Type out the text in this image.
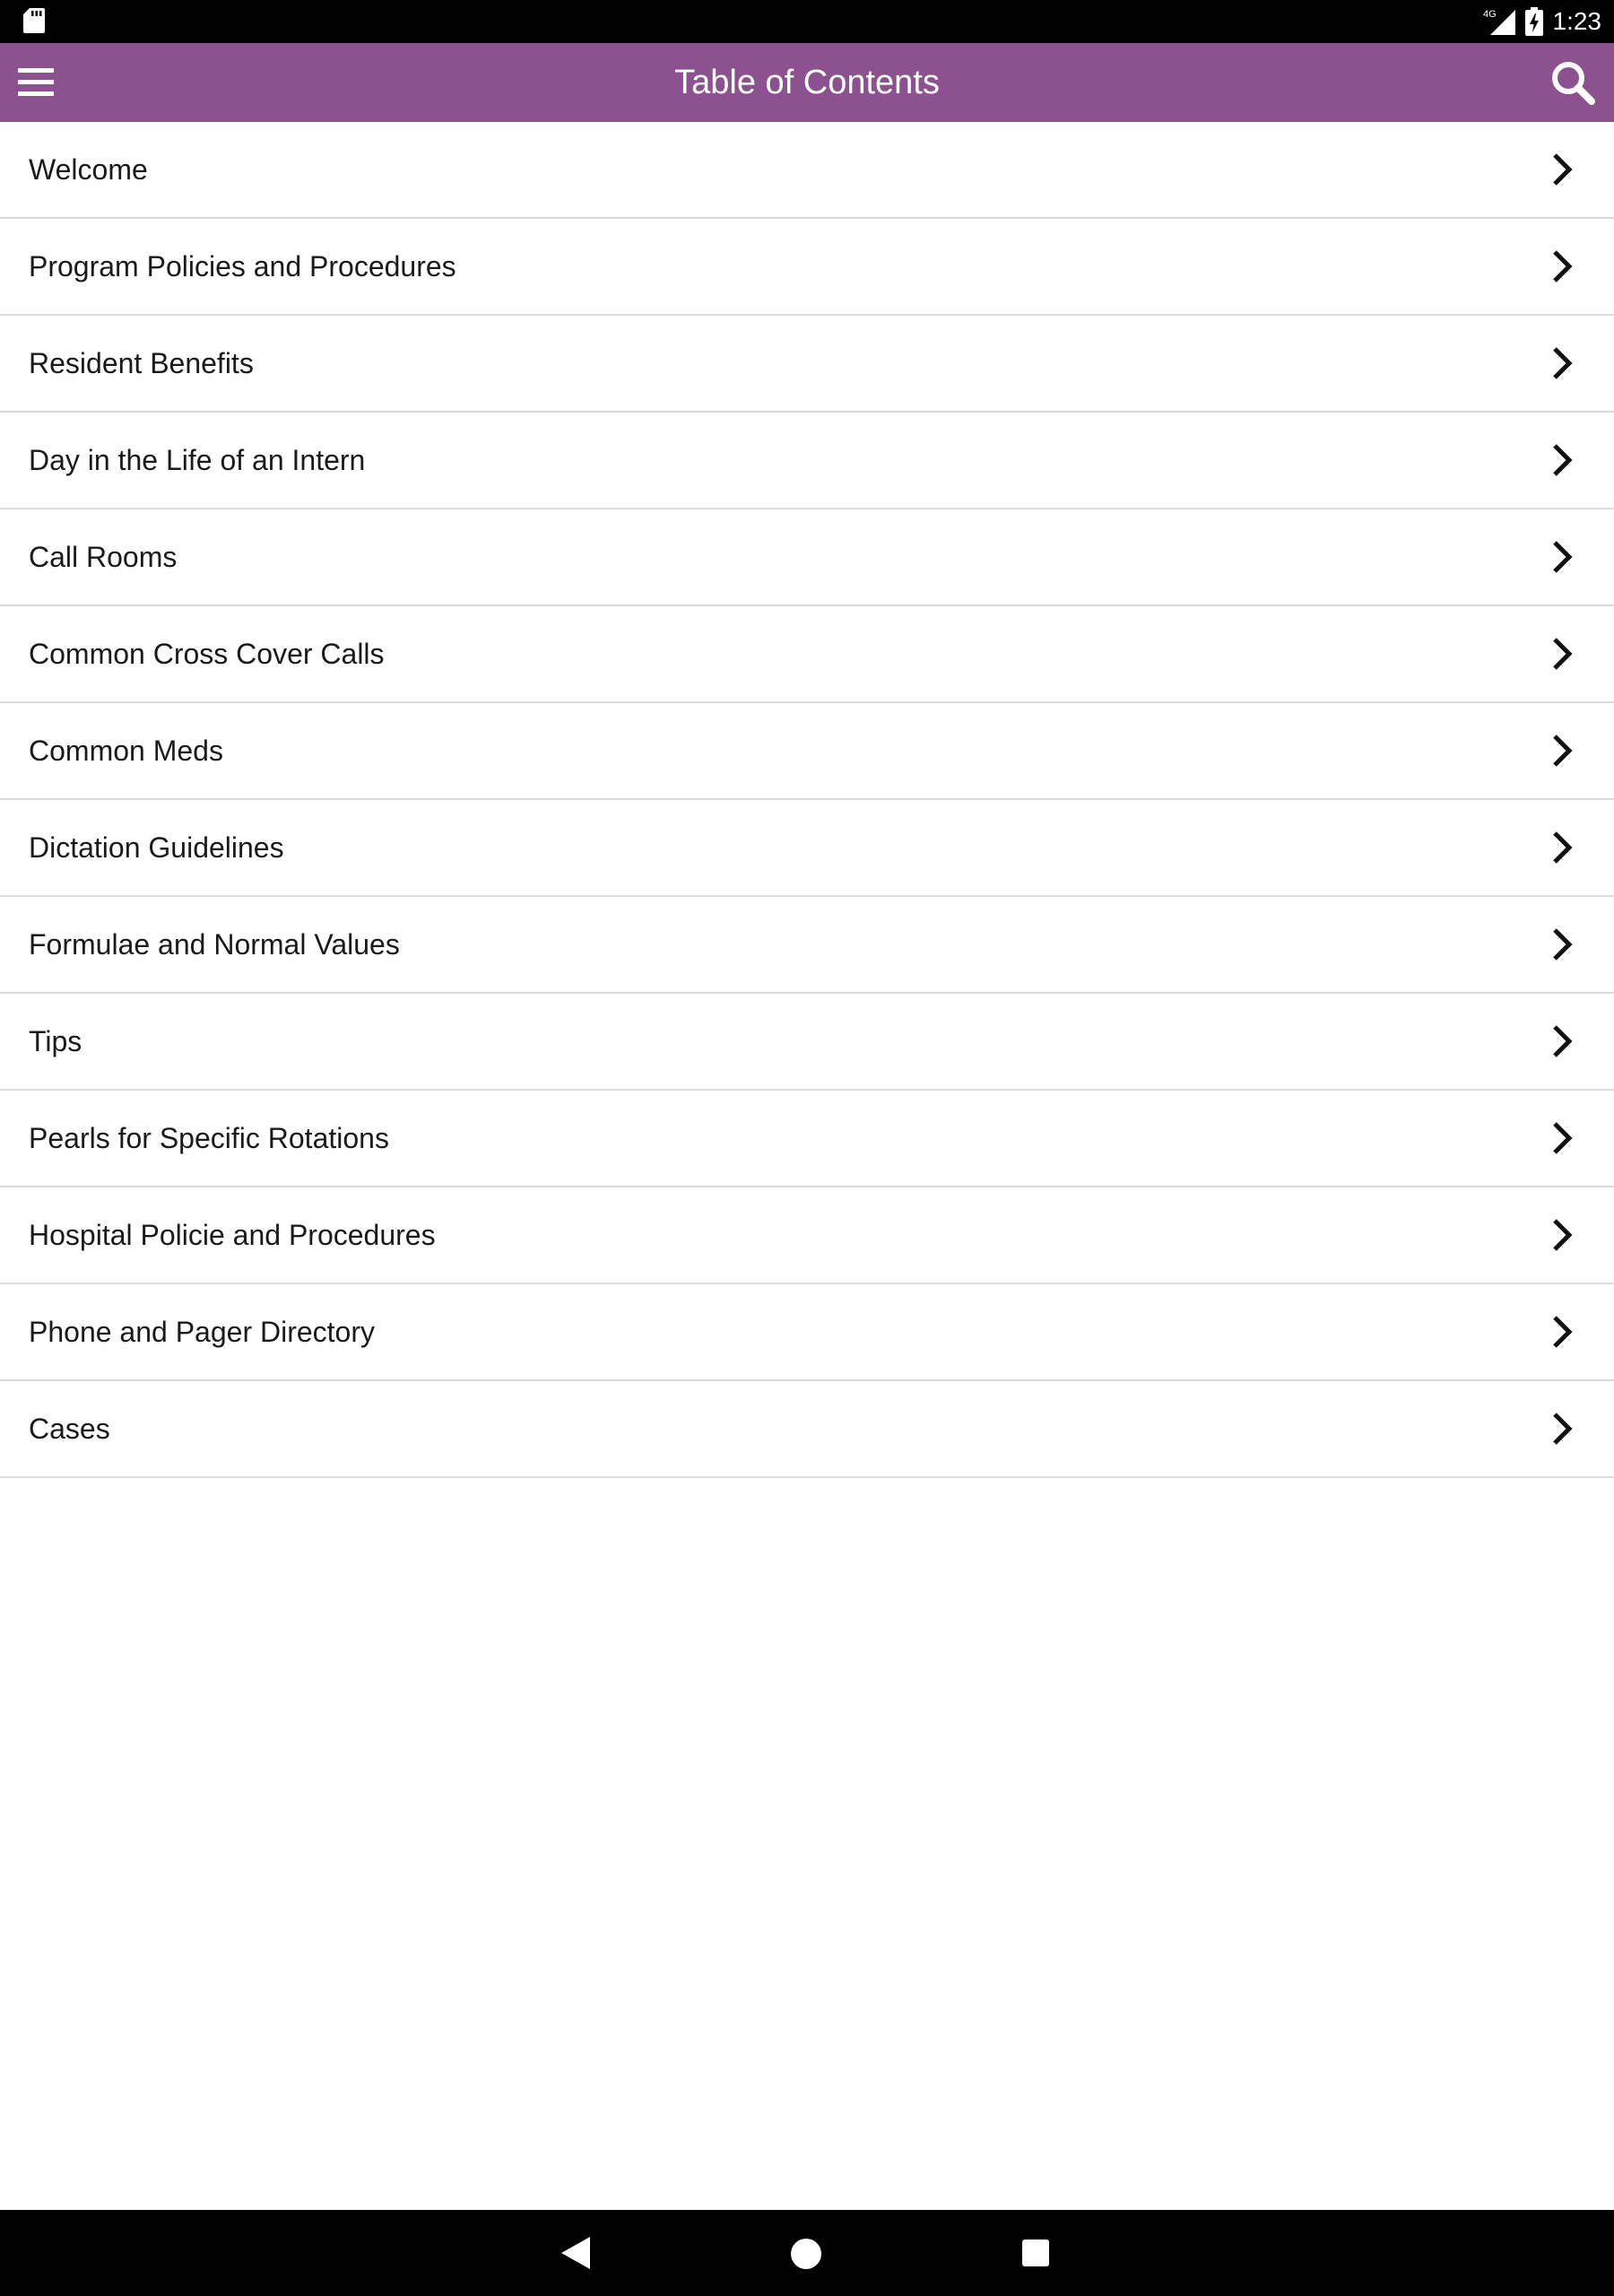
4G 1:23
Table of Contents
Welcome
Program Policies and Procedures
Resident Benefits
Day in the Life of an Intern
Call Rooms
Common Cross Cover Calls
Common Meds
Dictation Guidelines
Formulae and Normal Values
Tips
Pearls for Specific Rotations
Hospital Policie and Procedures
Phone and Pager Directory
Cases
